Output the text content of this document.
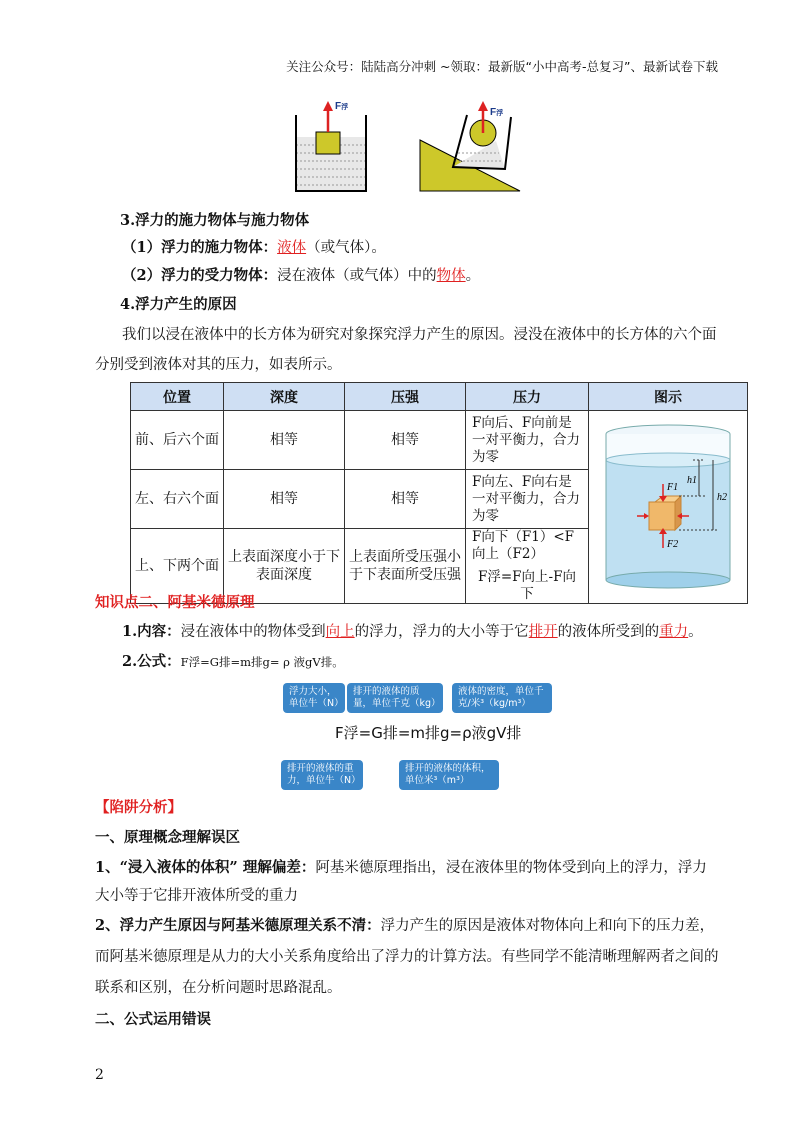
关注公众号：陆陆高分冲刺 ~领取：最新版“小中高考-总复习”、最新试卷下载
F浮	F浮
3.浮力的施力物体与施力物体
（1）浮力的施力物体：液体（或气体）。
（2）浮力的受力物体：浸在液体（或气体）中的物体。
4.浮力产生的原因
我们以浸在液体中的长方体为研究对象探究浮力产生的原因。浸没在液体中的长方体的六个面
分别受到液体对其的压力，如表所示。
位置	深度	压强	压力	图示
前、后六个面	相等	相等	F向后、F向前是一对平衡力，合力为零	h1
h2
F1
F2

左、右六个面	相等	相等	F向左、F向右是一对平衡力，合力为零	
上、下两个面	上表面深度小于下表面深度	上表面所受压强小于下表面所受压强	F向下（F1）<F向上（F2）
F浮=F向上-F向下	
知识点二、阿基米德原理
1.内容：浸在液体中的物体受到向上的浮力，浮力的大小等于它排开的液体所受到的重力。
2.公式：F浮=G排=m排g= ρ 液gV排。
浮力大小，单位牛（N）
排开的液体的质量，单位千克（kg）
液体的密度，单位千克/米³（kg/m³）
F浮=G排=m排g=ρ液gV排
排开的液体的重力，单位牛（N）
排开的液体的体积，单位米³（m³）
【陷阱分析】
一、原理概念理解误区
1、“浸入液体的体积” 理解偏差：阿基米德原理指出，浸在液体里的物体受到向上的浮力，浮力
大小等于它排开液体所受的重力
2、浮力产生原因与阿基米德原理关系不清：浮力产生的原因是液体对物体向上和向下的压力差，
而阿基米德原理是从力的大小关系角度给出了浮力的计算方法。有些同学不能清晰理解两者之间的
联系和区别，在分析问题时思路混乱。
二、公式运用错误
2
